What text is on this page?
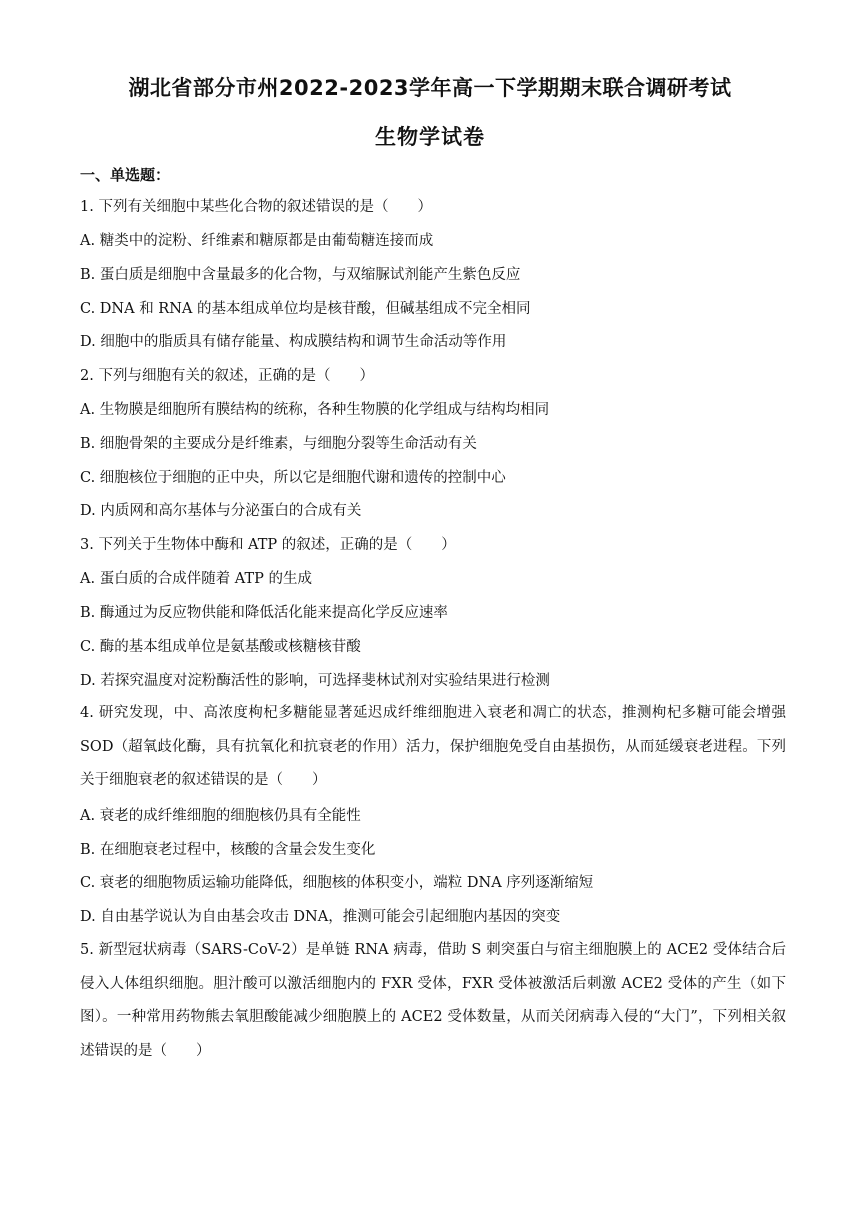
湖北省部分市州2022-2023学年高一下学期期末联合调研考试
生物学试卷
一、单选题：
1. 下列有关细胞中某些化合物的叙述错误的是（　　）
A. 糖类中的淀粉、纤维素和糖原都是由葡萄糖连接而成
B. 蛋白质是细胞中含量最多的化合物，与双缩脲试剂能产生紫色反应
C. DNA 和 RNA 的基本组成单位均是核苷酸，但碱基组成不完全相同
D. 细胞中的脂质具有储存能量、构成膜结构和调节生命活动等作用
2. 下列与细胞有关的叙述，正确的是（　　）
A. 生物膜是细胞所有膜结构的统称，各种生物膜的化学组成与结构均相同
B. 细胞骨架的主要成分是纤维素，与细胞分裂等生命活动有关
C. 细胞核位于细胞的正中央，所以它是细胞代谢和遗传的控制中心
D. 内质网和高尔基体与分泌蛋白的合成有关
3. 下列关于生物体中酶和 ATP 的叙述，正确的是（　　）
A. 蛋白质的合成伴随着 ATP 的生成
B. 酶通过为反应物供能和降低活化能来提高化学反应速率
C. 酶的基本组成单位是氨基酸或核糖核苷酸
D. 若探究温度对淀粉酶活性的影响，可选择斐林试剂对实验结果进行检测
4. 研究发现，中、高浓度枸杞多糖能显著延迟成纤维细胞进入衰老和凋亡的状态，推测枸杞多糖可能会增强 SOD（超氧歧化酶，具有抗氧化和抗衰老的作用）活力，保护细胞免受自由基损伤，从而延缓衰老进程。下列关于细胞衰老的叙述错误的是（　　）
A. 衰老的成纤维细胞的细胞核仍具有全能性
B. 在细胞衰老过程中，核酸的含量会发生变化
C. 衰老的细胞物质运输功能降低，细胞核的体积变小，端粒 DNA 序列逐渐缩短
D. 自由基学说认为自由基会攻击 DNA，推测可能会引起细胞内基因的突变
5. 新型冠状病毒（SARS-CoV-2）是单链 RNA 病毒，借助 S 刺突蛋白与宿主细胞膜上的 ACE2 受体结合后侵入人体组织细胞。胆汁酸可以激活细胞内的 FXR 受体，FXR 受体被激活后刺激 ACE2 受体的产生（如下图）。一种常用药物熊去氧胆酸能减少细胞膜上的 ACE2 受体数量，从而关闭病毒入侵的“大门”，下列相关叙述错误的是（　　）
